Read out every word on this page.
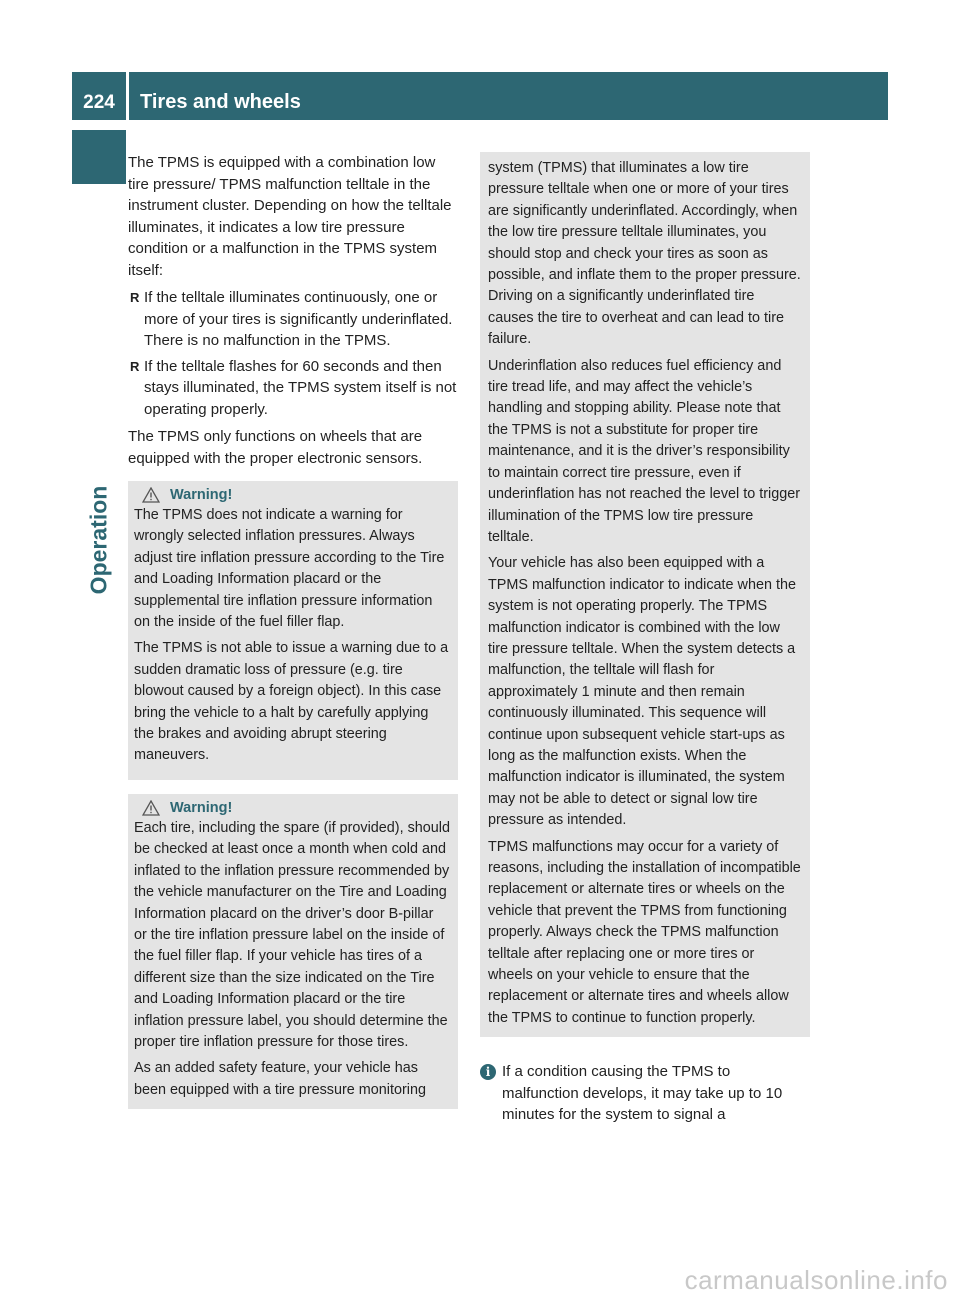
224	Tires and wheels
Operation

The TPMS is equipped with a combination low tire pressure/ TPMS malfunction telltale in the instrument cluster. Depending on how the telltale illuminates, it indicates a low tire pressure condition or a malfunction in the TPMS system itself:

R If the telltale illuminates continuously, one or more of your tires is significantly underinflated. There is no malfunction in the TPMS.
R If the telltale flashes for 60 seconds and then stays illuminated, the TPMS system itself is not operating properly.

The TPMS only functions on wheels that are equipped with the proper electronic sensors.

Warning!

The TPMS does not indicate a warning for wrongly selected inflation pressures. Always adjust tire inflation pressure according to the Tire and Loading Information placard or the supplemental tire inflation pressure information on the inside of the fuel filler flap.

The TPMS is not able to issue a warning due to a sudden dramatic loss of pressure (e.g. tire blowout caused by a foreign object). In this case bring the vehicle to a halt by carefully applying the brakes and avoiding abrupt steering maneuvers.

Warning!

Each tire, including the spare (if provided), should be checked at least once a month when cold and inflated to the inflation pressure recommended by the vehicle manufacturer on the Tire and Loading Information placard on the driver’s door B-pillar or the tire inflation pressure label on the inside of the fuel filler flap. If your vehicle has tires of a different size than the size indicated on the Tire and Loading Information placard or the tire inflation pressure label, you should determine the proper tire inflation pressure for those tires.

As an added safety feature, your vehicle has been equipped with a tire pressure monitoring

system (TPMS) that illuminates a low tire pressure telltale when one or more of your tires are significantly underinflated. Accordingly, when the low tire pressure telltale illuminates, you should stop and check your tires as soon as possible, and inflate them to the proper pressure. Driving on a significantly underinflated tire causes the tire to overheat and can lead to tire failure.

Underinflation also reduces fuel efficiency and tire tread life, and may affect the vehicle’s handling and stopping ability. Please note that the TPMS is not a substitute for proper tire maintenance, and it is the driver’s responsibility to maintain correct tire pressure, even if underinflation has not reached the level to trigger illumination of the TPMS low tire pressure telltale.

Your vehicle has also been equipped with a TPMS malfunction indicator to indicate when the system is not operating properly. The TPMS malfunction indicator is combined with the low tire pressure telltale. When the system detects a malfunction, the telltale will flash for approximately 1 minute and then remain continuously illuminated. This sequence will continue upon subsequent vehicle start-ups as long as the malfunction exists. When the malfunction indicator is illuminated, the system may not be able to detect or signal low tire pressure as intended.

TPMS malfunctions may occur for a variety of reasons, including the installation of incompatible replacement or alternate tires or wheels on the vehicle that prevent the TPMS from functioning properly. Always check the TPMS malfunction telltale after replacing one or more tires or wheels on your vehicle to ensure that the replacement or alternate tires and wheels allow the TPMS to continue to function properly.

i If a condition causing the TPMS to malfunction develops, it may take up to 10 minutes for the system to signal a

carmanualsonline.info
